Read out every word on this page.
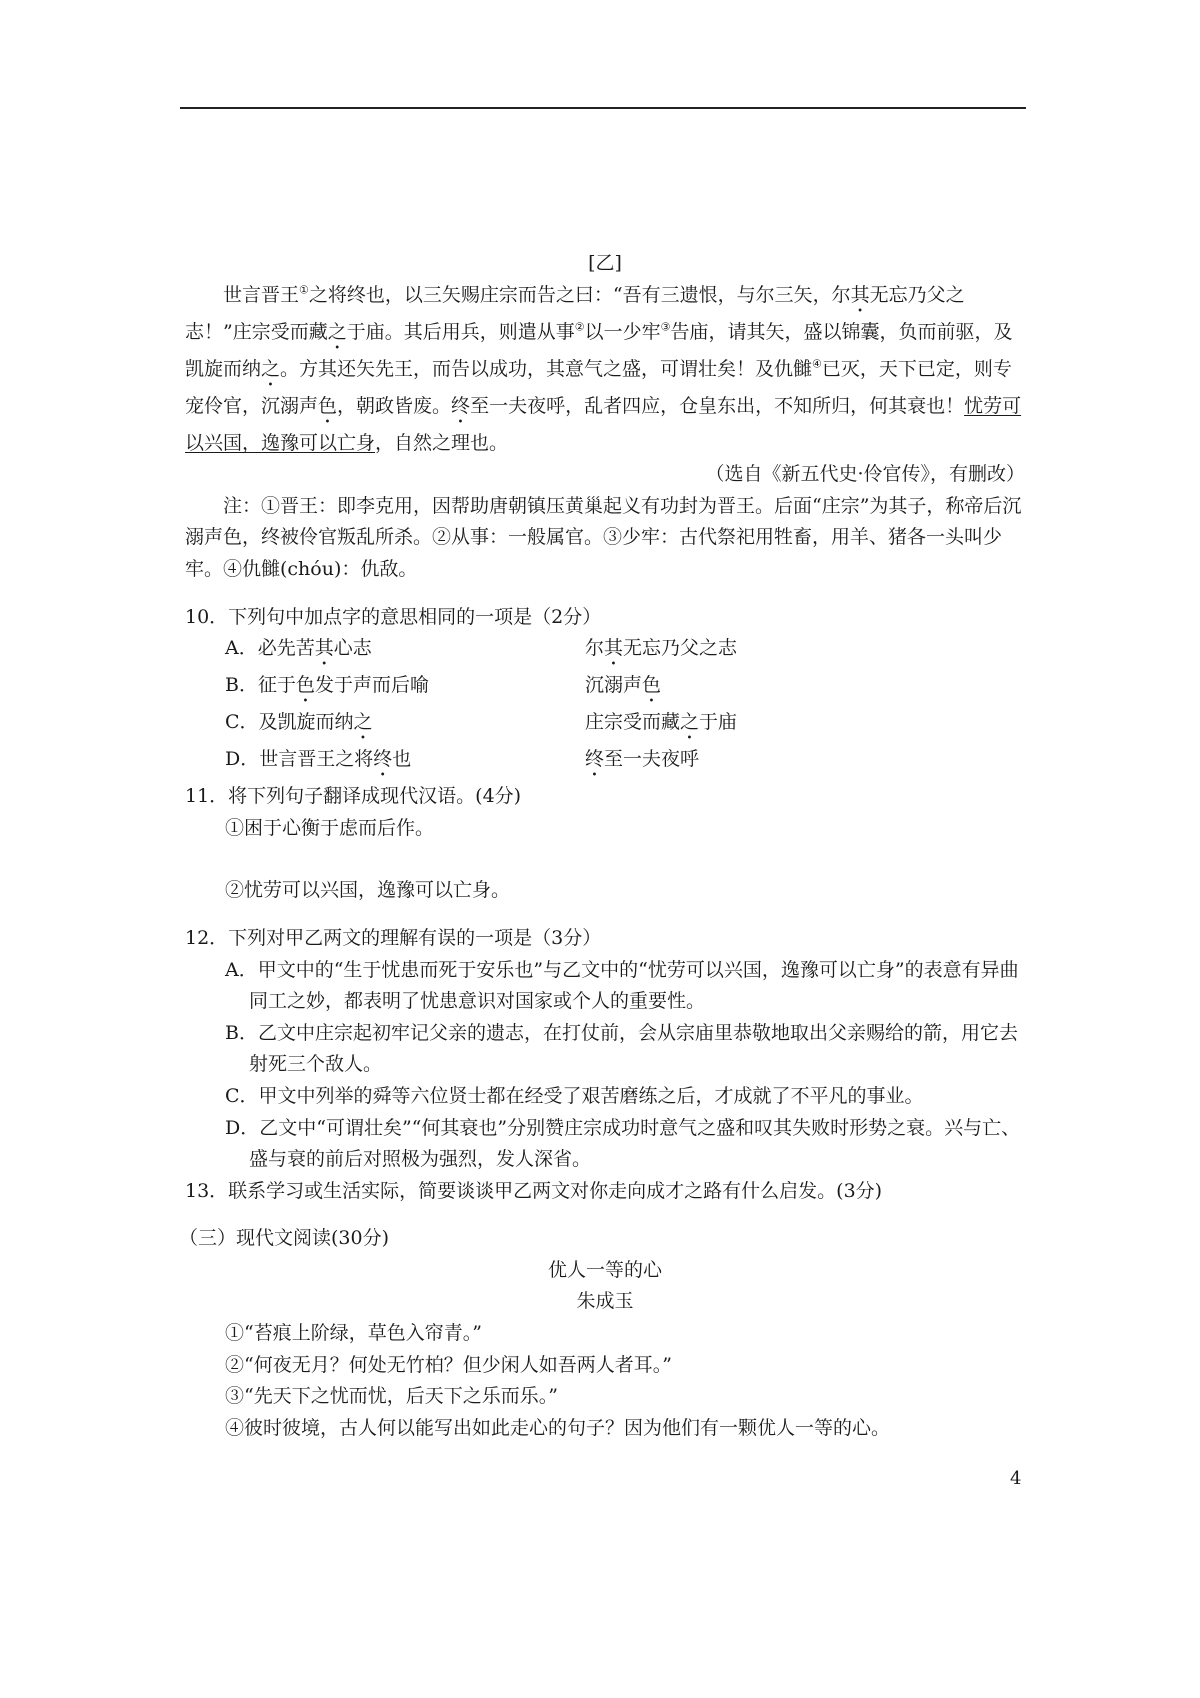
[乙]

世言晋王①之将终也，以三矢赐庄宗而告之曰：“吾有三遗恨，与尔三矢，尔其无忘乃父之志！”庄宗受而藏之于庙。其后用兵，则遣从事②以一少牢③告庙，请其矢，盛以锦囊，负而前驱，及凯旋而纳之。方其还矢先王，而告以成功，其意气之盛，可谓壮矣！及仇雠④已灭，天下已定，则专宠伶官，沉溺声色，朝政皆废。终至一夫夜呼，乱者四应，仓皇东出，不知所归，何其衰也！忧劳可以兴国，逸豫可以亡身，自然之理也。

（选自《新五代史·伶官传》，有删改）

注：①晋王：即李克用，因帮助唐朝镇压黄巢起义有功封为晋王。后面“庄宗”为其子，称帝后沉溺声色，终被伶官叛乱所杀。②从事：一般属官。③少牢：古代祭祀用牲畜，用羊、猪各一头叫少牢。④仇雠(chóu)：仇敌。

10．下列句中加点字的意思相同的一项是（2分）

A．必先苦其心志	尔其无忘乃父之志
B．征于色发于声而后喻	沉溺声色
C．及凯旋而纳之	庄宗受而藏之于庙
D．世言晋王之将终也	终至一夫夜呼

11．将下列句子翻译成现代汉语。(4分)

①困于心衡于虑而后作。

②忧劳可以兴国，逸豫可以亡身。

12．下列对甲乙两文的理解有误的一项是（3分）

A．甲文中的“生于忧患而死于安乐也”与乙文中的“忧劳可以兴国，逸豫可以亡身”的表意有异曲同工之妙，都表明了忧患意识对国家或个人的重要性。

B．乙文中庄宗起初牢记父亲的遗志，在打仗前，会从宗庙里恭敬地取出父亲赐给的箭，用它去射死三个敌人。

C．甲文中列举的舜等六位贤士都在经受了艰苦磨练之后，才成就了不平凡的事业。

D．乙文中“可谓壮矣”“何其衰也”分别赞庄宗成功时意气之盛和叹其失败时形势之衰。兴与亡、盛与衰的前后对照极为强烈，发人深省。

13．联系学习或生活实际，简要谈谈甲乙两文对你走向成才之路有什么启发。(3分)

（三）现代文阅读(30分)

优人一等的心
朱成玉

①“苔痕上阶绿，草色入帘青。”

②“何夜无月？何处无竹柏？但少闲人如吾两人者耳。”

③“先天下之忧而忧，后天下之乐而乐。”

④彼时彼境，古人何以能写出如此走心的句子？因为他们有一颗优人一等的心。

4
